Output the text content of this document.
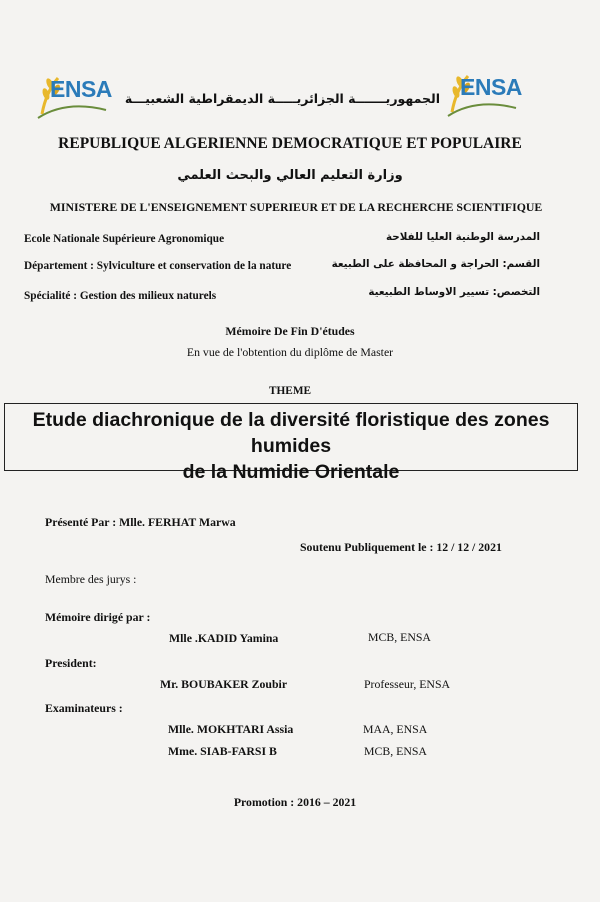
ENSA	ENSA
الجمهوريـــــــة الجزائريـــــة الديمقراطية الشعبيـــة
REPUBLIQUE ALGERIENNE DEMOCRATIQUE ET POPULAIRE
وزارة التعليم العالي والبحث العلمي
MINISTERE DE L'ENSEIGNEMENT SUPERIEUR ET DE LA RECHERCHE SCIENTIFIQUE
Ecole Nationale Supérieure Agronomique	المدرسة الوطنية العليا للفلاحة
Département : Sylviculture et conservation de la nature	القسم: الحراجة و المحافظة على الطبيعة
Spécialité : Gestion des milieux naturels	التخصص: تسيير الاوساط الطبيعية
Mémoire De Fin D'études
En vue de l'obtention du diplôme de Master
THEME
Etude diachronique de la diversité floristique des zones humides
de la Numidie Orientale
Présenté Par : Mlle. FERHAT Marwa
Soutenu Publiquement le : 12 / 12 / 2021
Membre des jurys :
Mémoire dirigé par :
Mlle .KADID Yamina	MCB, ENSA
President:
Mr. BOUBAKER Zoubir	Professeur, ENSA
Examinateurs :
Mlle. MOKHTARI Assia	MAA, ENSA
Mme. SIAB-FARSI B	MCB, ENSA
Promotion : 2016 – 2021
